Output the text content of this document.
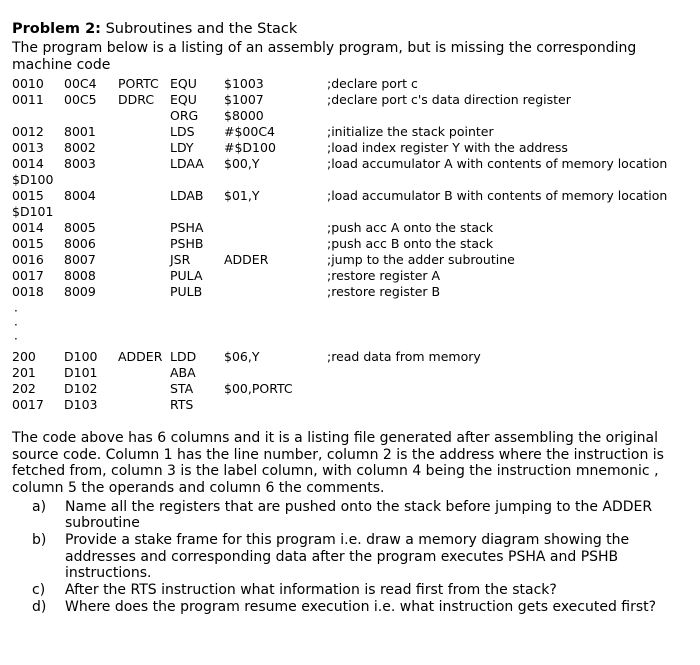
Problem 2: Subroutines and the Stack
The program below is a listing of an assembly program, but is missing the corresponding machine code
0010 00C4 PORTC EQU $1003	;declare port c
0011 00C5 DDRC EQU $1007	;declare port c's data direction register
ORG $8000
0012 8001	LDS #$00C4	;initialize the stack pointer
0013 8002	LDY #$D100	;load index register Y with the address
0014 8003	LDAA $00,Y	;load accumulator A with contents of memory location
$D100
0015 8004	LDAB $01,Y	;load accumulator B with contents of memory location
$D101
0014 8005	PSHA	;push acc A onto the stack
0015 8006	PSHB	;push acc B onto the stack
0016 8007	JSR	ADDER	;jump to the adder subroutine
0017 8008	PULA	;restore register A
0018 8009	PULB	;restore register B
·
·
·
200 D100 ADDER LDD $06,Y	;read data from memory
201 D101	ABA
202 D102	STA $00,PORTC
0017 D103	RTS
The code above has 6 columns and it is a listing file generated after assembling the original source code. Column 1 has the line number, column 2 is the address where the instruction is fetched from, column 3 is the label column, with column 4 being the instruction mnemonic , column 5 the operands and column 6 the comments.
a) Name all the registers that are pushed onto the stack before jumping to the ADDER subroutine
b) Provide a stake frame for this program i.e. draw a memory diagram showing the addresses and corresponding data after the program executes PSHA and PSHB instructions.
c) After the RTS instruction what information is read first from the stack?
d) Where does the program resume execution i.e. what instruction gets executed first?
